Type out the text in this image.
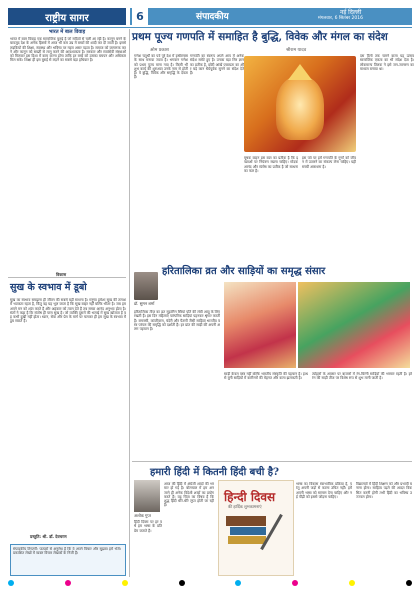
राष्ट्रीय सागर	6	संपादकीय	नई दिल्ली
मंगलवार, 6 सितंबर 2016
भारत में बाल विवाह
भारत में बाल विवाह एक सामाजिक बुराई है जो सदियों से चली आ रही है। कानून बनने के बावजूद देश के अनेक हिस्सों में आज भी कम उम्र में बच्चों की शादी कर दी जाती है। इससे लड़कियों की शिक्षा, स्वास्थ्य और भविष्य पर गहरा असर पड़ता है। समाज को जागरूक करने और कानून को सख्ती से लागू करने की आवश्यकता है। सरकार और स्वयंसेवी संस्थाओं को मिलकर इस दिशा में काम करना होगा ताकि हर बच्चे को उसका बचपन और अधिकार मिल सके। शिक्षा ही इस बुराई से लड़ने का सबसे बड़ा हथियार है।
विकास
सुख के स्वभाव में डूबो
सुख का स्वभाव समझना ही जीवन की सबसे बड़ी साधना है। मनुष्य हमेशा सुख की तलाश में भटकता रहता है, किंतु वह यह भूल जाता है कि सुख बाहर नहीं बल्कि भीतर है। जब हम अपने मन को शांत करते हैं और अहंकार को त्याग देते हैं तब सच्चा आनंद अनुभव होता है। संतों ने कहा है कि संतोष ही परम सुख है। जो व्यक्ति दूसरों की भलाई में सुख खोजता है वह कभी दुखी नहीं होता। ध्यान, सेवा और प्रेम के मार्ग पर चलकर ही हम सुख के स्वभाव में डूब सकते हैं।
प्रस्तुति: श्री. डॉ. देवचरण
संपादकीय टिप्पणी: पाठकों से अनुरोध है कि वे अपने विचार और सुझाव हमें भेजें। प्रकाशित लेखों में व्यक्त विचार लेखकों के निजी हैं।
प्रथम पूज्य गणपति में समाहित है बुद्धि, विवेक और मंगल का संदेश
ओम प्रकाश	श्रीराम यादव
गणेश चतुर्थी का पर्व पूरे देश में हर्षोल्लास के साथ मनाया जाता है। भगवान गणेश को प्रथम पूज्य माना गया है। किसी भी शुभ कार्य की शुरुआत उनके नाम से होती है। वे बुद्धि, विवेक और समृद्धि के देवता हैं।
गणपति का स्वरूप अपने आप में अनेक संदेश समेटे हुए है। उनका बड़ा सिर ज्ञान का प्रतीक है, छोटी आंखें एकाग्रता का और बड़े कान धैर्यपूर्वक सुनने का संदेश देते हैं।
मूषक वाहन इस बात का प्रतीक है कि इच्छाओं पर नियंत्रण रखना चाहिए। मोदक आनंद और संतोष का प्रतीक है जो साधना का फल है।
इस पर्व पर हमें गणपति के गुणों को जीवन में उतारने का संकल्प लेना चाहिए। यही सच्ची आराधना है।
दस दिनों तक चलने वाला यह उत्सव सामाजिक एकता का भी संदेश देता है। लोकमान्य तिलक ने इसे जन-जागरण का माध्यम बनाया था।
डॉ. सुमन शर्मा
हरितालिका व्रत और साड़ियों का समृद्ध संसार
हरितालिका तीज का व्रत सुहागिन स्त्रियां पति की लंबी आयु के लिए रखती हैं। इस दिन महिलाएं पारंपरिक साड़ियां पहनकर श्रृंगार करती हैं। बनारसी, कांजीवरम, चंदेरी और पैठणी जैसी साड़ियां भारतीय वस्त्र परंपरा की समृद्धि को दर्शाती हैं। हर प्रांत की साड़ी की अपनी अलग पहचान है।
साड़ी केवल वस्त्र नहीं बल्कि भारतीय संस्कृति की पहचान है। हाथ से बुनी साड़ियों में कारीगरों की मेहनत और कला झलकती है।
त्योहारों के अवसर पर बाजारों में रंग-बिरंगी साड़ियों की भरमार रहती है। हरे रंग की साड़ी तीज पर विशेष रूप से शुभ मानी जाती है।
हमारी हिंदी में कितनी हिंदी बची है?
अशोक गुप्त
हिंदी दिवस पर हर वर्ष हम भाषा के प्रति प्रेम जताते हैं।
आज की हिंदी में अंग्रेजी शब्दों की भरमार हो गई है। बोलचाल में हम अनजाने ही अनेक विदेशी शब्दों का प्रयोग करते हैं। यह चिंता का विषय है कि शुद्ध हिंदी धीरे-धीरे लुप्त होती जा रही है।
हिन्दी दिवस
की हार्दिक शुभकामनाएं
भाषा का विकास स्वाभाविक प्रक्रिया है, परंतु अपनी जड़ों से कटना उचित नहीं। हमें अपनी भाषा को सम्मान देना चाहिए और नई पीढ़ी को इससे जोड़ना चाहिए।
विद्यालयों में हिंदी शिक्षण को और प्रभावी बनाना होगा। साहित्य पढ़ने की आदत विकसित करनी होगी तभी हिंदी का भविष्य उज्ज्वल होगा।
